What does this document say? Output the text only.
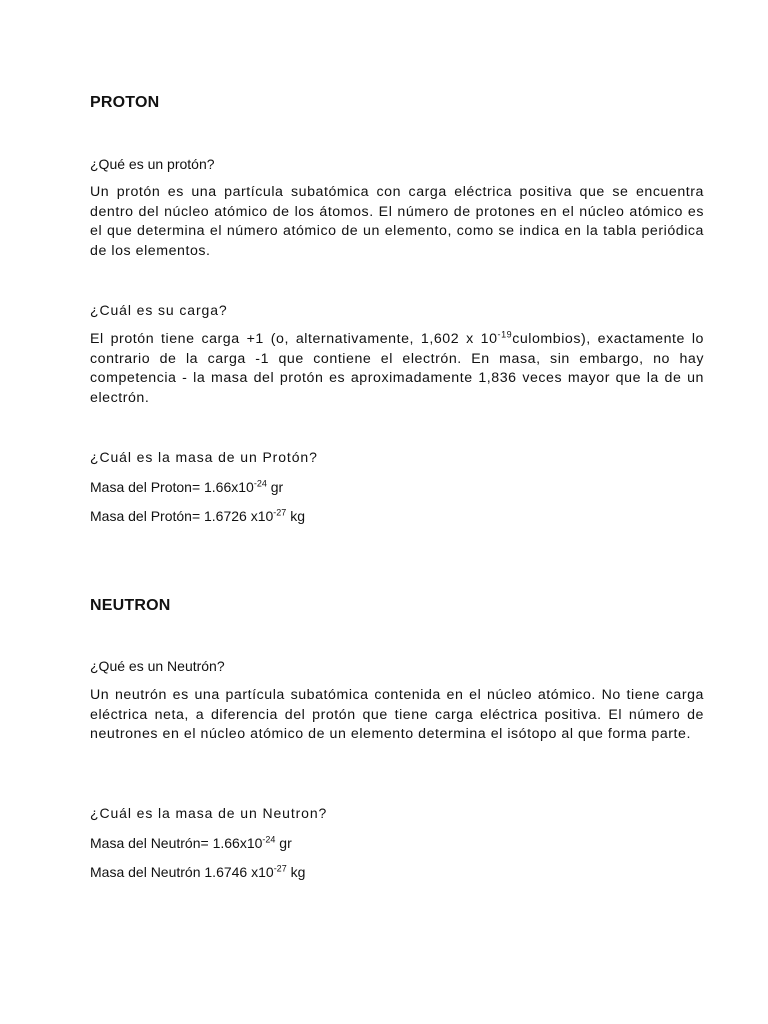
PROTON

¿Qué es un protón?

Un protón es una partícula subatómica con carga eléctrica positiva que se encuentra dentro del núcleo atómico de los átomos. El número de protones en el núcleo atómico es el que determina el número atómico de un elemento, como se indica en la tabla periódica de los elementos.

¿Cuál es su carga?

El protón tiene carga +1 (o, alternativamente, 1,602 x $10^{-19}culombios$), exactamente lo contrario de la carga -1 que contiene el electrón. En masa, sin embargo, no hay competencia - la masa del protón es aproximadamente 1,836 veces mayor que la de un electrón.

¿Cuál es la masa de un Protón?

Masa del Proton= $1.66x10^{-24}$ gr

Masa del Protón= 1.6726 $x10^{-27}$ kg

NEUTRON

¿Qué es un Neutrón?

Un neutrón es una partícula subatómica contenida en el núcleo atómico. No tiene carga eléctrica neta, a diferencia del protón que tiene carga eléctrica positiva. El número de neutrones en el núcleo atómico de un elemento determina el isótopo al que forma parte.

¿Cuál es la masa de un Neutron?

Masa del Neutrón= $1.66x10^{-24}$ gr

Masa del Neutrón 1.6746 $x10^{-27}$ kg
